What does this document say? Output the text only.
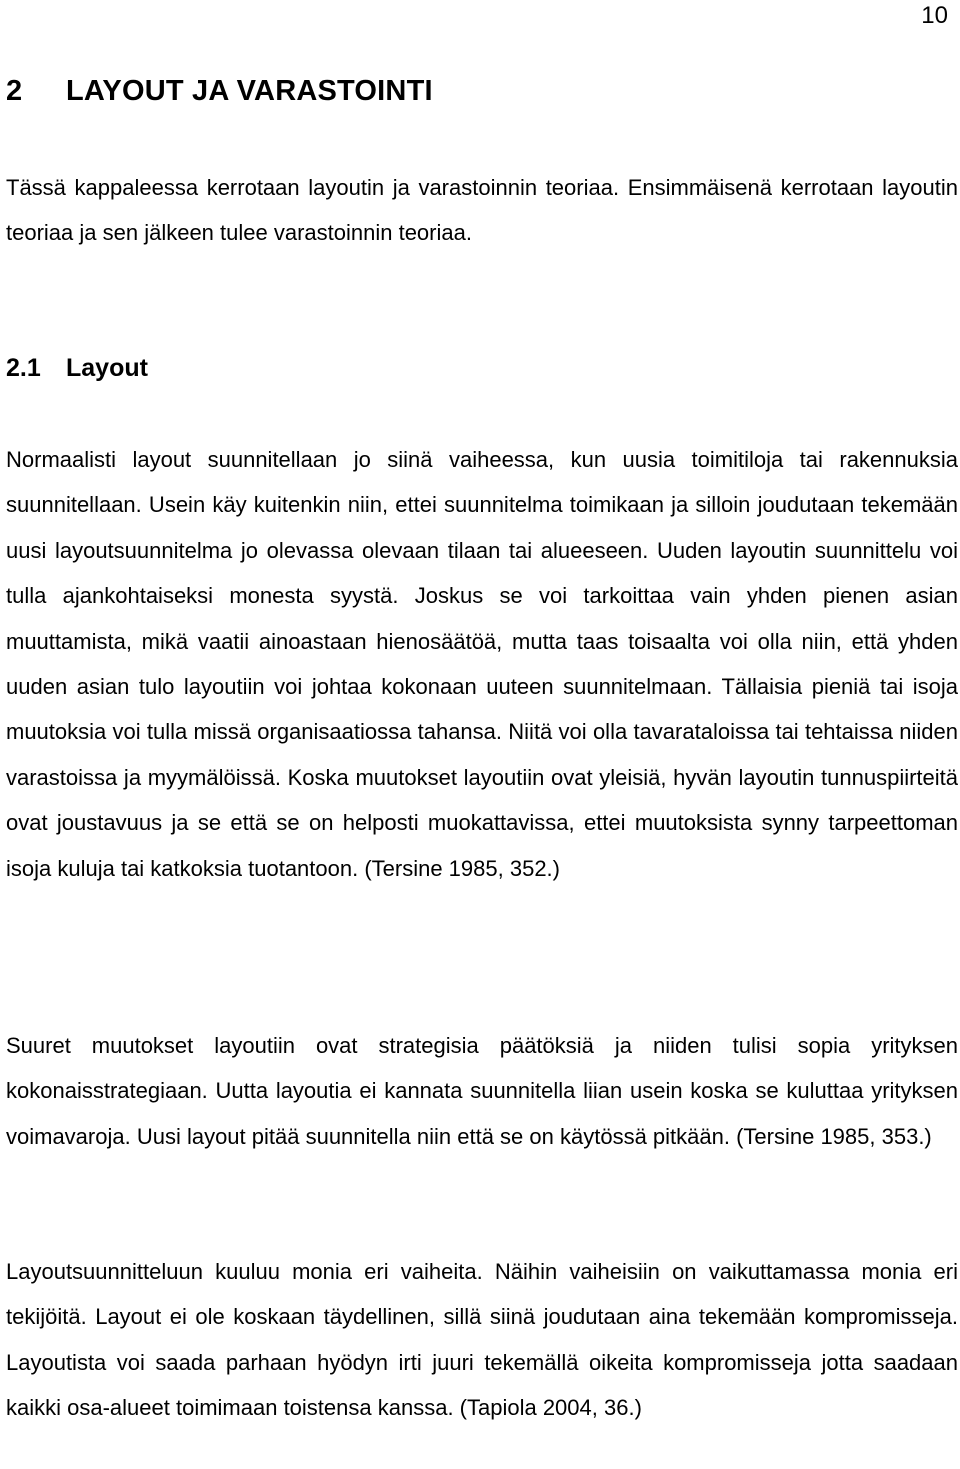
10
2 LAYOUT JA VARASTOINTI

Tässä kappaleessa kerrotaan layoutin ja varastoinnin teoriaa. Ensimmäisenä kerrotaan layoutin teoriaa ja sen jälkeen tulee varastoinnin teoriaa.

2.1 Layout

Normaalisti layout suunnitellaan jo siinä vaiheessa, kun uusia toimitiloja tai rakennuksia suunnitellaan. Usein käy kuitenkin niin, ettei suunnitelma toimikaan ja silloin joudutaan tekemään uusi layoutsuunnitelma jo olevassa olevaan tilaan tai alueeseen. Uuden layoutin suunnittelu voi tulla ajankohtaiseksi monesta syystä. Joskus se voi tarkoittaa vain yhden pienen asian muuttamista, mikä vaatii ainoastaan hienosäätöä, mutta taas toisaalta voi olla niin, että yhden uuden asian tulo layoutiin voi johtaa kokonaan uuteen suunnitelmaan. Tällaisia pieniä tai isoja muutoksia voi tulla missä organisaatiossa tahansa. Niitä voi olla tavarataloissa tai tehtaissa niiden varastoissa ja myymälöissä. Koska muutokset layoutiin ovat yleisiä, hyvän layoutin tunnuspiirteitä ovat joustavuus ja se että se on helposti muokattavissa, ettei muutoksista synny tarpeettoman isoja kuluja tai katkoksia tuotantoon. (Tersine 1985, 352.)

Suuret muutokset layoutiin ovat strategisia päätöksiä ja niiden tulisi sopia yrityksen kokonaisstrategiaan. Uutta layoutia ei kannata suunnitella liian usein koska se kuluttaa yrityksen voimavaroja. Uusi layout pitää suunnitella niin että se on käytössä pitkään. (Tersine 1985, 353.)

Layoutsuunnitteluun kuuluu monia eri vaiheita. Näihin vaiheisiin on vaikuttamassa monia eri tekijöitä. Layout ei ole koskaan täydellinen, sillä siinä joudutaan aina tekemään kompromisseja. Layoutista voi saada parhaan hyödyn irti juuri tekemällä oikeita kompromisseja jotta saadaan kaikki osa-alueet toimimaan toistensa kanssa. (Tapiola 2004, 36.)
